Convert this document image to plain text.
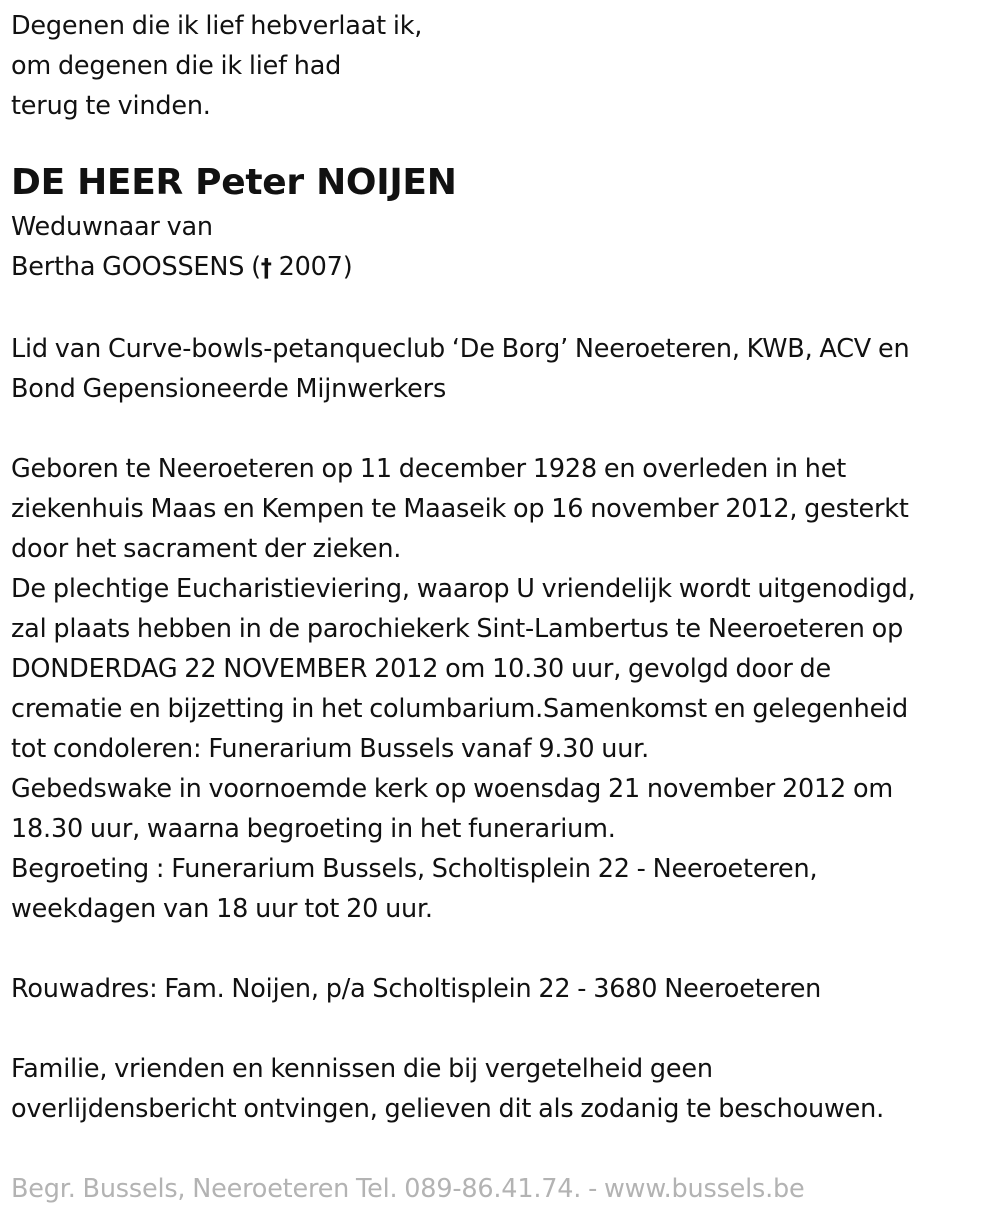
Degenen die ik lief hebverlaat ik,
om degenen die ik lief had
terug te vinden.
DE HEER Peter NOIJEN
Weduwnaar van
Bertha GOOSSENS († 2007)
Lid van Curve-bowls-petanqueclub ‘De Borg’ Neeroeteren, KWB, ACV en
Bond Gepensioneerde Mijnwerkers
Geboren te Neeroeteren op 11 december 1928 en overleden in het
ziekenhuis Maas en Kempen te Maaseik op 16 november 2012, gesterkt
door het sacrament der zieken.
De plechtige Eucharistieviering, waarop U vriendelijk wordt uitgenodigd,
zal plaats hebben in de parochiekerk Sint-Lambertus te Neeroeteren op
DONDERDAG 22 NOVEMBER 2012 om 10.30 uur, gevolgd door de
crematie en bijzetting in het columbarium.Samenkomst en gelegenheid
tot condoleren: Funerarium Bussels vanaf 9.30 uur.
Gebedswake in voornoemde kerk op woensdag 21 november 2012 om
18.30 uur, waarna begroeting in het funerarium.
Begroeting : Funerarium Bussels, Scholtisplein 22 - Neeroeteren,
weekdagen van 18 uur tot 20 uur.
Rouwadres: Fam. Noijen, p/a Scholtisplein 22 - 3680 Neeroeteren
Familie, vrienden en kennissen die bij vergetelheid geen
overlijdensbericht ontvingen, gelieven dit als zodanig te beschouwen.
Begr. Bussels, Neeroeteren Tel. 089-86.41.74. - www.bussels.be
